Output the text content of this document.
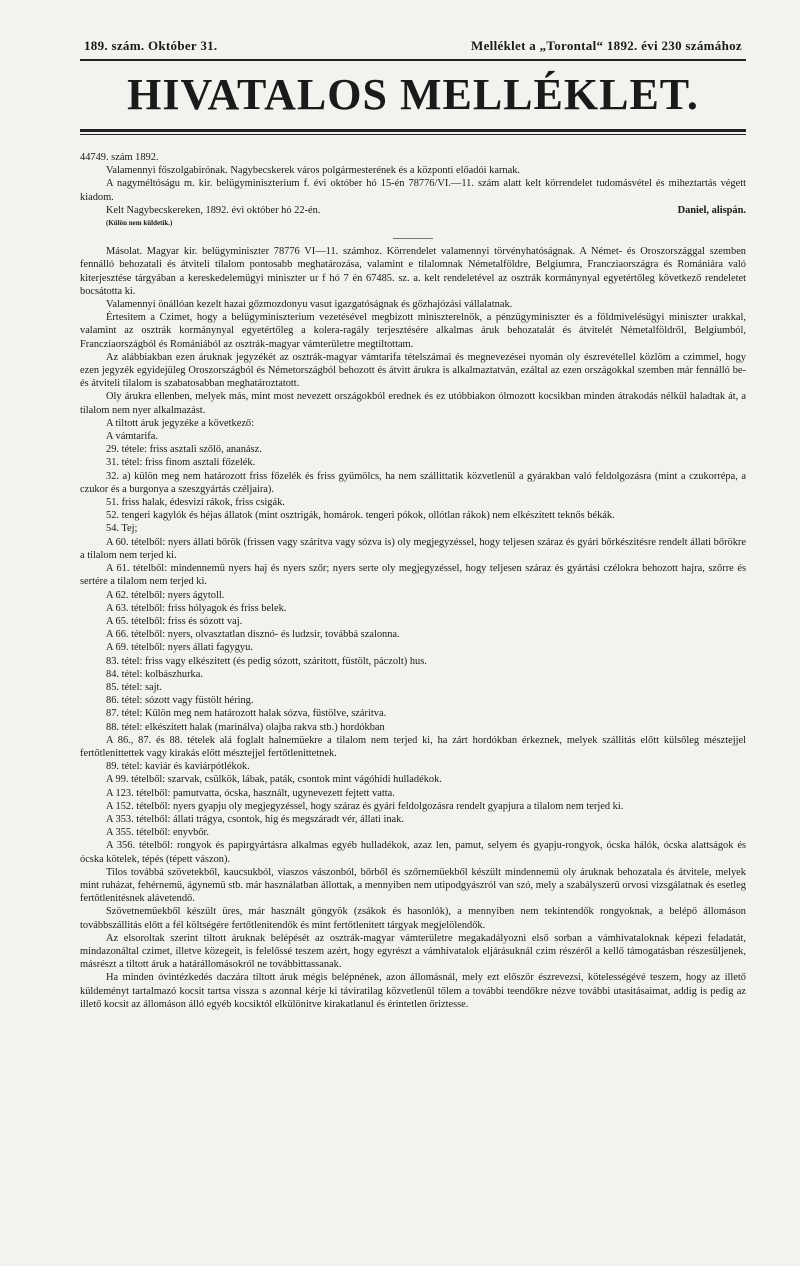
189. szám. Október 31.	Melléklet a „Torontal“ 1892. évi 230 számához
HIVATALOS MELLÉKLET.

44749. szám 1892.

Valamennyi főszolgabirónak. Nagybecskerek város polgármesterének és a központi előadói karnak.

A nagyméltóságu m. kir. belügyminiszterium f. évi október hó 15-én 78776/VI.—11. szám alatt kelt körrendelet tudomásvétel és miheztartás végett kiadom.

Kelt Nagybecskereken, 1892. évi október hó 22-én.	Daniel, alispán.
(Külön nem küldetik.)

Másolat. Magyar kir. belügyminiszter 78776 VI—11. számhoz. Körrendelet valamennyi törvényhatóságnak. A Német- és Oroszországgal szemben fennálló behozatali és átviteli tilalom pontosabb meghatározása, valamint e tilalomnak Németalföldre, Belgiumra, Francziaországra és Romániára való kiterjesztése tárgyában a kereskedelemügyi miniszter ur f hó 7 én 67485. sz. a. kelt rendeletével az osztrák kormánynyal egyetértőleg következő rendeletet bocsátotta ki.

Valamennyi önállóan kezelt hazai gőzmozdonyu vasut igazgatóságnak és gőzhajózási vállalatnak.

Értesitem a Czimet, hogy a belügyminiszterium vezetésével megbizott miniszterelnök, a pénzügyminiszter és a földmivelésügyi miniszter urakkal, valamint az osztrák kormánynyal egyetértőleg a kolera-ragály terjesztésére alkalmas áruk behozatalát és átvitelét Németalföldről, Belgiumból, Francziaországból és Romániából az osztrák-magyar vámterületre megtiltottam.

Az alábbiakban ezen áruknak jegyzékét az osztrák-magyar vámtarifa tételszámai és megnevezései nyomán oly észrevétellel közlöm a czimmel, hogy ezen jegyzék egyidejüleg Oroszországból és Németországból behozott és átvitt árukra is alkalmaztatván, ezáltal az ezen országokkal szemben már fennálló be- és átviteli tilalom is szabatosabban meghatároztatott.

Oly árukra ellenben, melyek más, mint most nevezett országokból erednek és ez utóbbiakon ólmozott kocsikban minden átrakodás nélkül haladtak át, a tilalom nem nyer alkalmazást.

A tiltott áruk jegyzéke a következő:

A vámtarifa.

29. tétele: friss asztali szőlő, ananász.

31. tétel: friss finom asztali főzelék.

32. a) külön meg nem határozott friss főzelék és friss gyümölcs, ha nem szállittatik közvetlenül a gyárakban való feldolgozásra (mint a czukorrépa, a czukor és a burgonya a szeszgyártás czéljaira).

51. friss halak, édesvizi rákok, friss csigák.

52. tengeri kagylók és héjas állatok (mint osztrigák, homárok. tengeri pókok, ollótlan rákok) nem elkészitett teknős békák.

54. Tej;

A 60. tételből: nyers állati bőrök (frissen vagy száritva vagy sózva is) oly megjegyzéssel, hogy teljesen száraz és gyári bőrkészitésre rendelt állati bőrökre a tilalom nem terjed ki.

A 61. tételből: mindennemü nyers haj és nyers szőr; nyers serte oly megjegyzéssel, hogy teljesen száraz és gyártási czélokra behozott hajra, szőrre és sertére a tilalom nem terjed ki.

A 62. tételből: nyers ágytoll.

A 63. tételből: friss hólyagok és friss belek.

A 65. tételből: friss és sózott vaj.

A 66. tételből: nyers, olvasztatlan disznó- és ludzsir, továbbá szalonna.

A 69. tételből: nyers állati fagygyu.

83. tétel: friss vagy elkészitett (és pedig sózott, száritott, füstölt, páczolt) hus.

84. tétel: kolbászhurka.

85. tétel: sajt.

86. tétel: sózott vagy füstölt héring.

87. tétel: Külön meg nem határozott halak sózva, füstölve, száritva.

88. tétel: elkészitett halak (marinálva) olajba rakva stb.) hordókban

A 86., 87. és 88. tételek alá foglalt halnemüekre a tilalom nem terjed ki, ha zárt hordókban érkeznek, melyek szállitás előtt külsőleg mésztejjel fertőtlenittettek vagy kirakás előtt mésztejjel fertőtlenittetnek.

89. tétel: kaviár és kaviárpótlékok.

A 99. tételből: szarvak, csülkök, lábak, paták, csontok mint vágóhidi hulladékok.

A 123. tételből: pamutvatta, ócska, használt, ugynevezett fejtett vatta.

A 152. tételből: nyers gyapju oly megjegyzéssel, hogy száraz és gyári feldolgozásra rendelt gyapjura a tilalom nem terjed ki.

A 353. tételből: állati trágya, csontok, hig és megszáradt vér, állati inak.

A 355. tételből: enyvbőr.

A 356. tételből: rongyok és papirgyártásra alkalmas egyéb hulladékok, azaz len, pamut, selyem és gyapju-rongyok, ócska hálók, ócska alattságok és ócska kötelek, tépés (tépett vászon).

Tilos továbbá szövetekből, kaucsukból, viaszos vászonból, bőrből és szőrnemüekből készült mindennemü oly áruknak behozatala és átvitele, melyek mint ruházat, fehérnemü, ágynemü stb. már használatban állottak, a mennyiben nem utipodgyászról van szó, mely a szabályszerü orvosi vizsgálatnak és esetleg fertőtlenitésnek alávetendő.

Szövetnemüekből készült üres, már használt göngyök (zsákok és hasonlók), a mennyiben nem tekintendők rongyoknak, a belépő állomáson továbbszállitás előtt a fél költségére fertőtlenitendők és mint fertőtlenitett tárgyak megjelölendők.

Az elsoroltak szerint tiltott áruknak belépését az osztrák-magyar vámterületre megakadályozni első sorban a vámhivataloknak képezi feladatát, mindazonáltal czimet, illetve közegeit, is felelőssé teszem azért, hogy egyrészt a vámhivatalok eljárásuknál czim részéről a kellő támogatásban részesüljenek, másrészt a tiltott áruk a határállomásokról ne továbbittassanak.

Ha minden óvintézkedés daczára tiltott áruk mégis belépnének, azon állomásnál, mely ezt először észrevezsi, kötelességévé teszem, hogy az illető küldeményt tartalmazó kocsit tartsa vissza s azonnal kérje ki táviratilag közvetlenül tőlem a további teendőkre nézve további utasitásaimat, addig is pedig az illető kocsit az állomáson álló egyéb kocsiktól elkülönitve kirakatlanul és érintetlen őriztesse.
